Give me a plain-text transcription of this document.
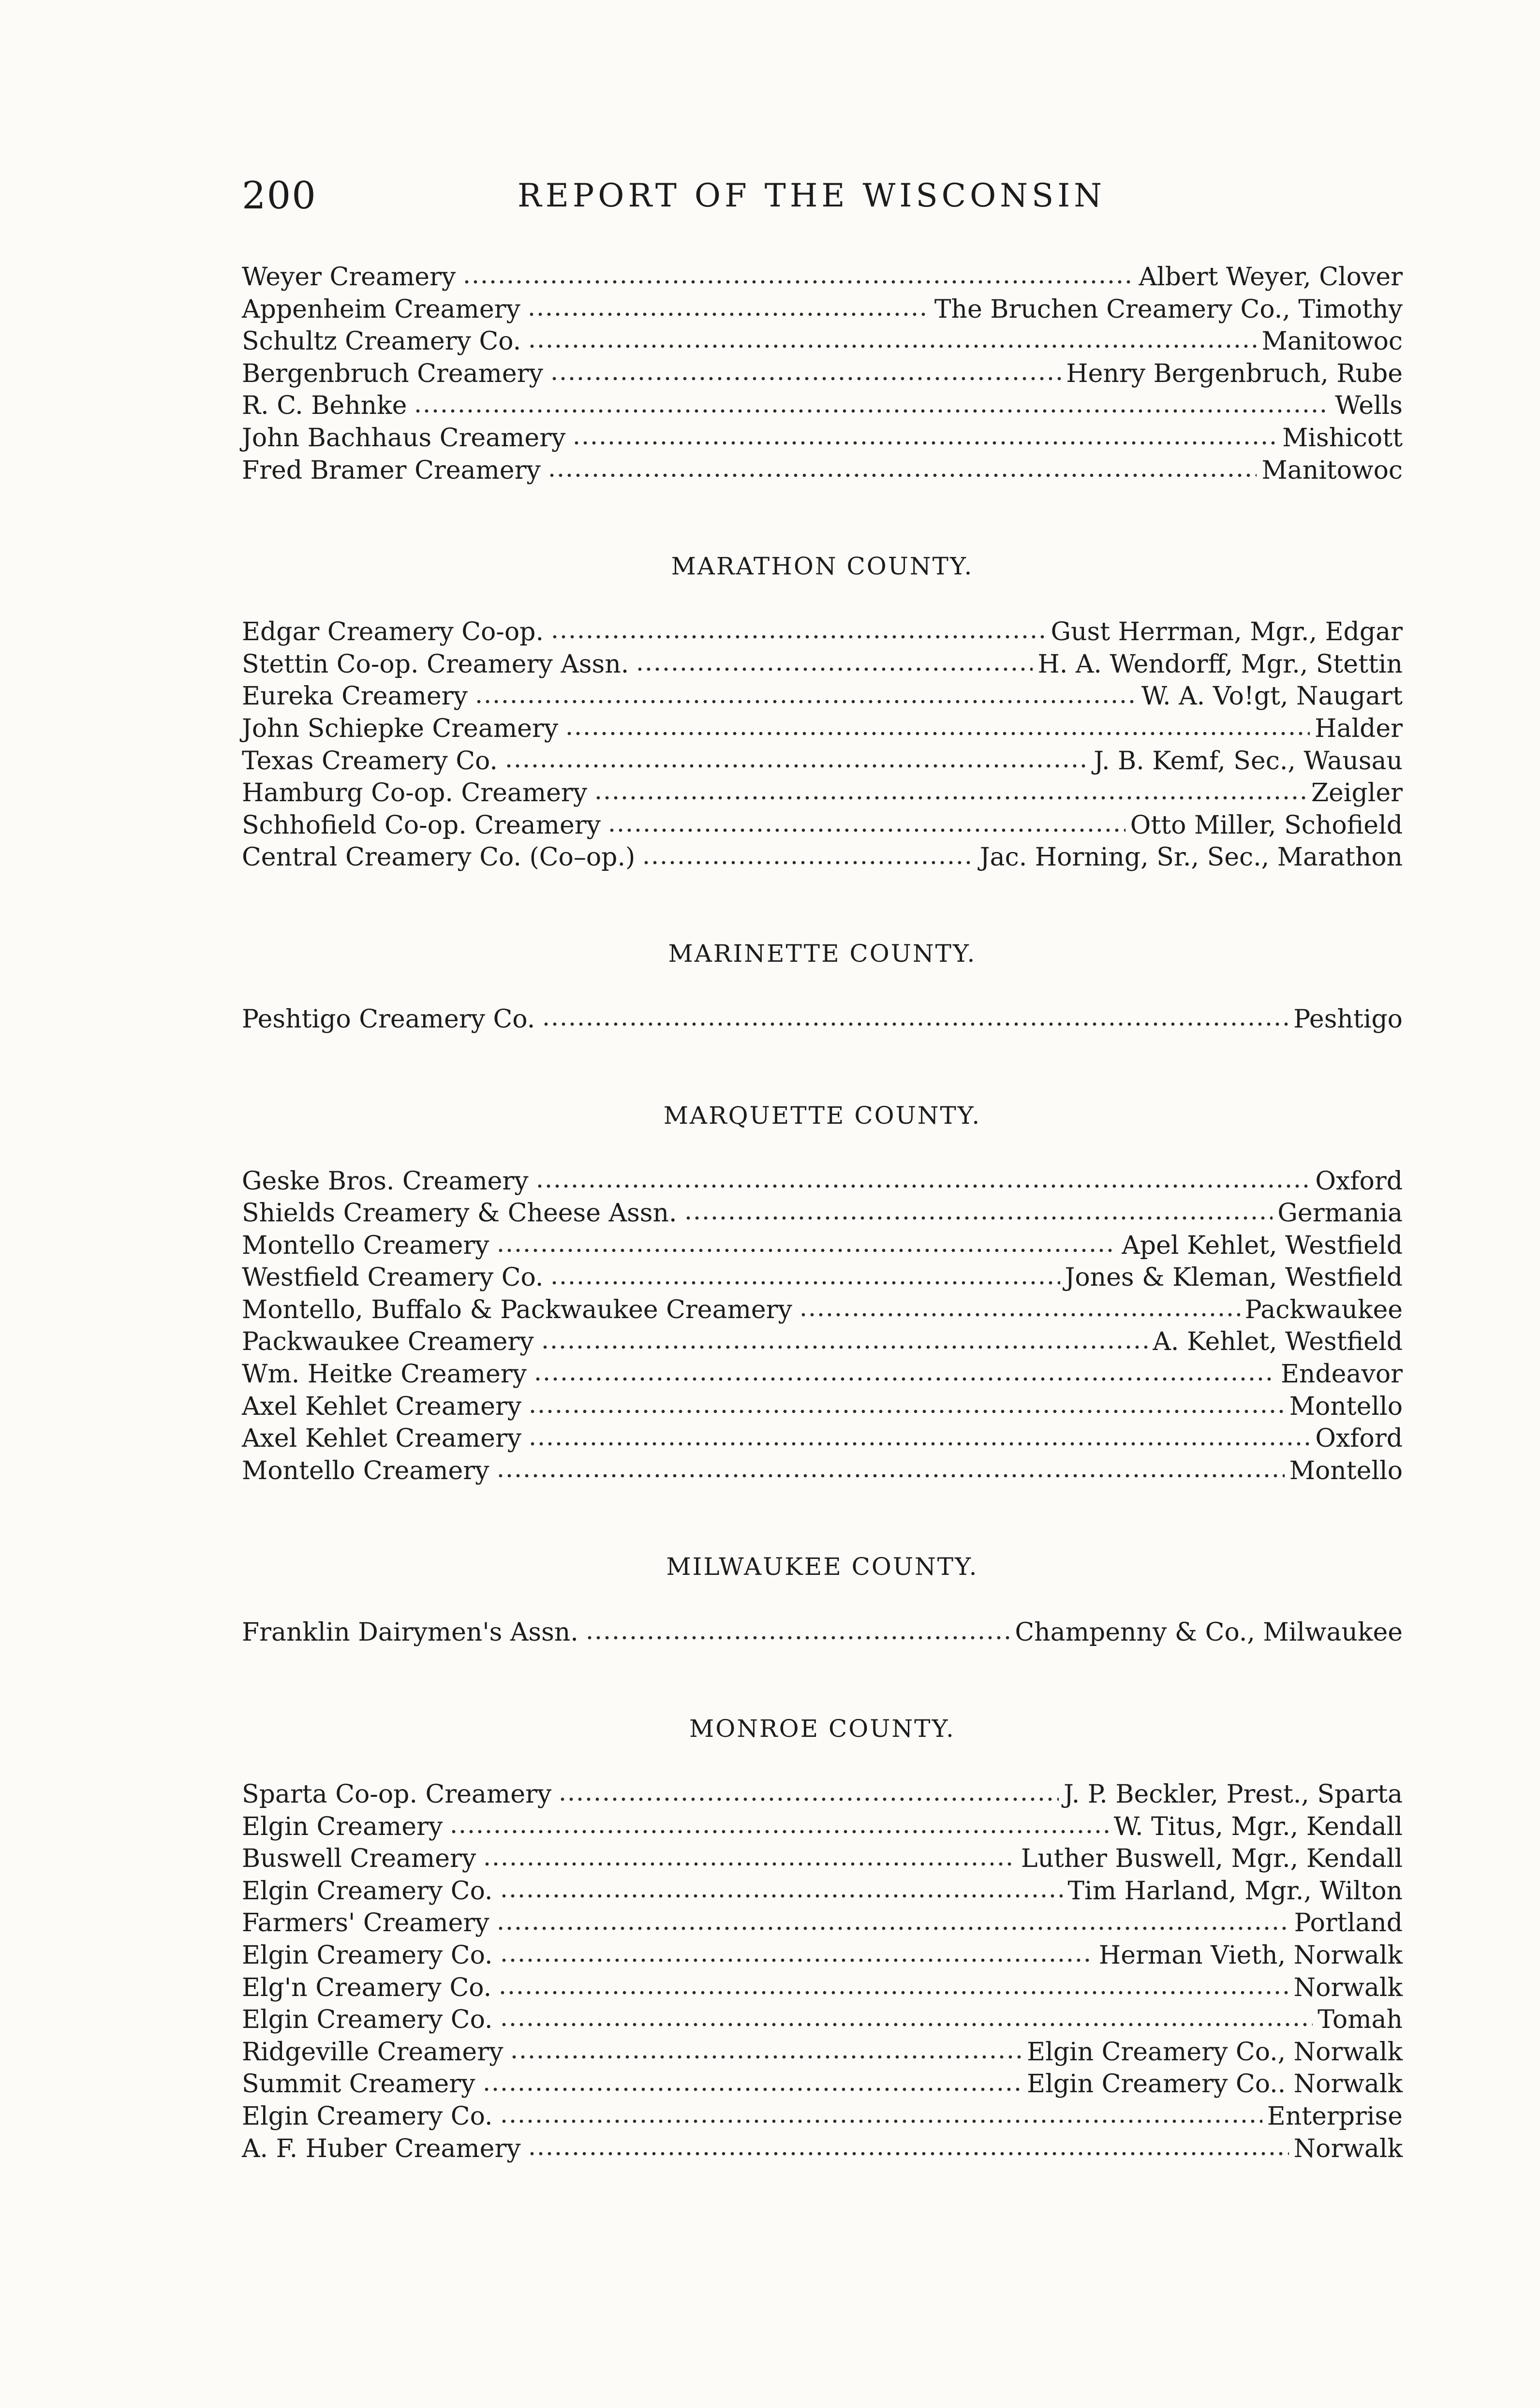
200	REPORT OF THE WISCONSIN
Weyer Creamery	Albert Weyer, Clover
Appenheim Creamery	The Bruchen Creamery Co., Timothy
Schultz Creamery Co.	Manitowoc
Bergenbruch Creamery	Henry Bergenbruch, Rube
R. C. Behnke	Wells
John Bachhaus Creamery	Mishicott
Fred Bramer Creamery	Manitowoc
MARATHON COUNTY.
Edgar Creamery Co-op.	Gust Herrman, Mgr., Edgar
Stettin Co-op. Creamery Assn.	H. A. Wendorff, Mgr., Stettin
Eureka Creamery	W. A. Vo!gt, Naugart
John Schiepke Creamery	Halder
Texas Creamery Co.	J. B. Kemf, Sec., Wausau
Hamburg Co-op. Creamery	Zeigler
Schhofield Co-op. Creamery	Otto Miller, Schofield
Central Creamery Co. (Co–op.)	Jac. Horning, Sr., Sec., Marathon
MARINETTE COUNTY.
Peshtigo Creamery Co.	Peshtigo
MARQUETTE COUNTY.
Geske Bros. Creamery	Oxford
Shields Creamery & Cheese Assn.	Germania
Montello Creamery	Apel Kehlet, Westfield
Westfield Creamery Co.	Jones & Kleman, Westfield
Montello, Buffalo & Packwaukee Creamery	Packwaukee
Packwaukee Creamery	A. Kehlet, Westfield
Wm. Heitke Creamery	Endeavor
Axel Kehlet Creamery	Montello
Axel Kehlet Creamery	Oxford
Montello Creamery	Montello
MILWAUKEE COUNTY.
Franklin Dairymen's Assn.	Champenny & Co., Milwaukee
MONROE COUNTY.
Sparta Co-op. Creamery	J. P. Beckler, Prest., Sparta
Elgin Creamery	W. Titus, Mgr., Kendall
Buswell Creamery	Luther Buswell, Mgr., Kendall
Elgin Creamery Co.	Tim Harland, Mgr., Wilton
Farmers' Creamery	Portland
Elgin Creamery Co.	Herman Vieth, Norwalk
Elg'n Creamery Co.	Norwalk
Elgin Creamery Co.	Tomah
Ridgeville Creamery	Elgin Creamery Co., Norwalk
Summit Creamery	Elgin Creamery Co.. Norwalk
Elgin Creamery Co.	Enterprise
A. F. Huber Creamery	Norwalk
